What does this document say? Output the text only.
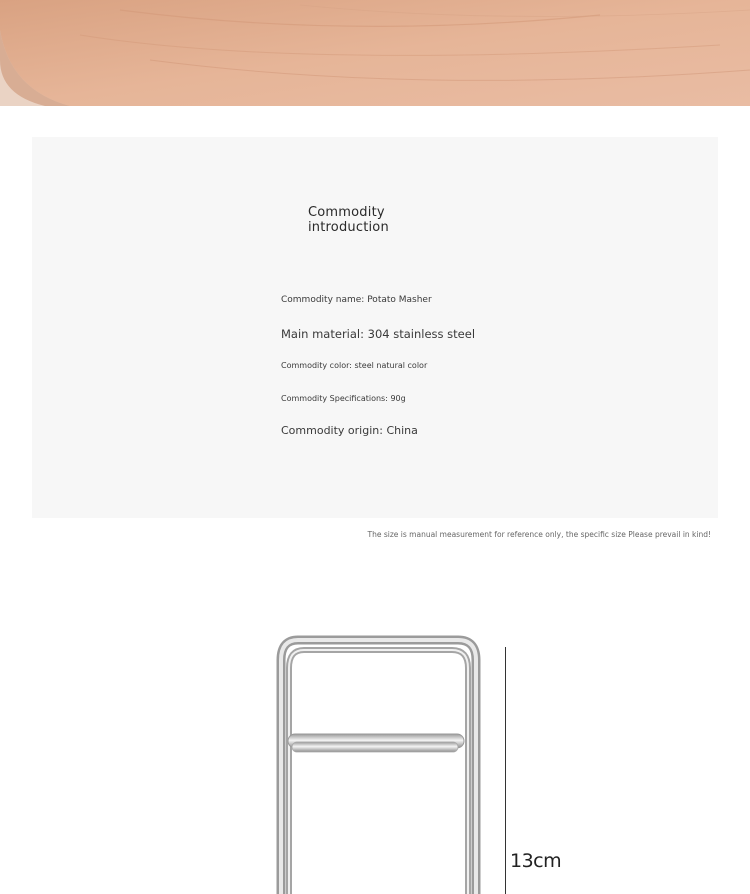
Commodity introduction
Commodity name: Potato Masher
Main material: 304 stainless steel
Commodity color: steel natural color
Commodity Specifications: 90g
Commodity origin: China
The size is manual measurement for reference only, the specific size Please prevail in kind!
13cm
